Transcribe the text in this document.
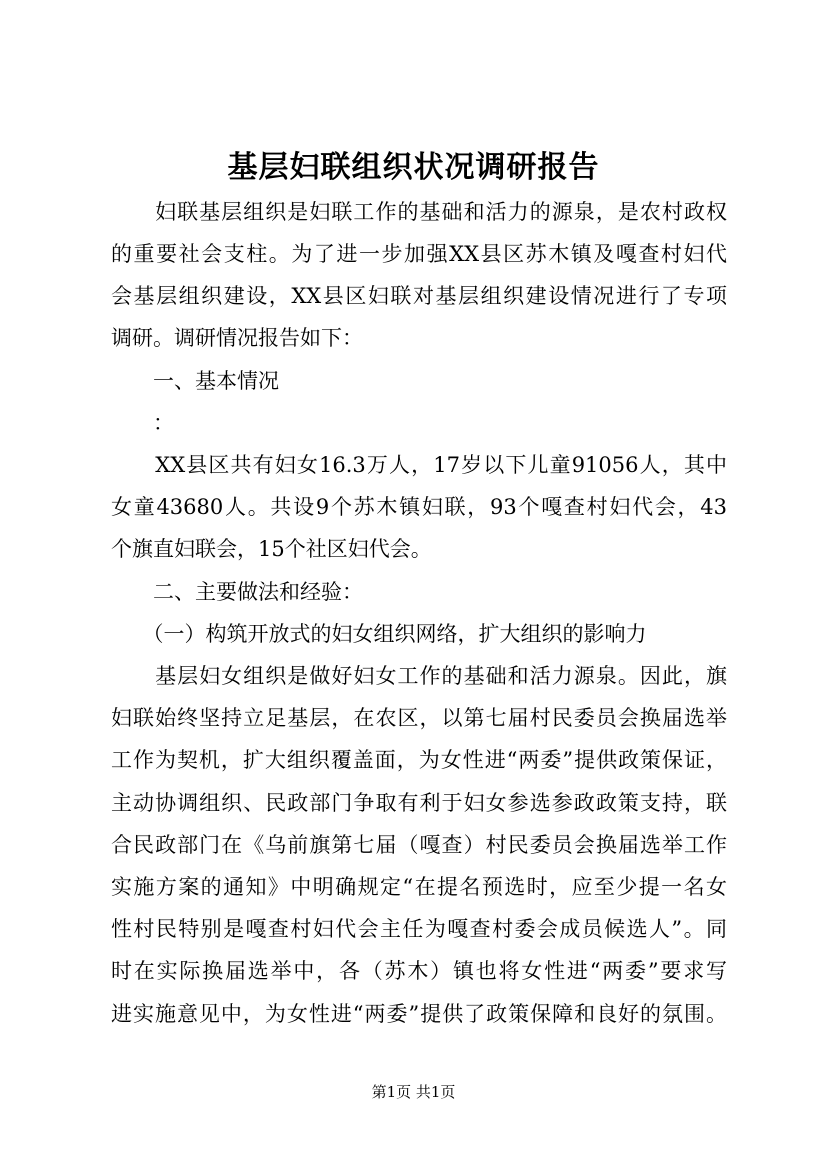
基层妇联组织状况调研报告
　　妇联基层组织是妇联工作的基础和活力的源泉，是农村政权
的重要社会支柱。为了进一步加强XX县区苏木镇及嘎查村妇代
会基层组织建设，XX县区妇联对基层组织建设情况进行了专项
调研。调研情况报告如下：
　　一、基本情况
　　：
　　XX县区共有妇女16.3万人，17岁以下儿童91056人，其中
女童43680人。共设9个苏木镇妇联，93个嘎查村妇代会，43
个旗直妇联会，15个社区妇代会。
　　二、主要做法和经验：
　　（一）构筑开放式的妇女组织网络，扩大组织的影响力
　　基层妇女组织是做好妇女工作的基础和活力源泉。因此，旗
妇联始终坚持立足基层，在农区，以第七届村民委员会换届选举
工作为契机，扩大组织覆盖面，为女性进“两委”提供政策保证，
主动协调组织、民政部门争取有利于妇女参选参政政策支持，联
合民政部门在《乌前旗第七届（嘎查）村民委员会换届选举工作
实施方案的通知》中明确规定“在提名预选时，应至少提一名女
性村民特别是嘎查村妇代会主任为嘎查村委会成员候选人”。同
时在实际换届选举中，各（苏木）镇也将女性进“两委”要求写
进实施意见中，为女性进“两委”提供了政策保障和良好的氛围。
第1页 共1页
